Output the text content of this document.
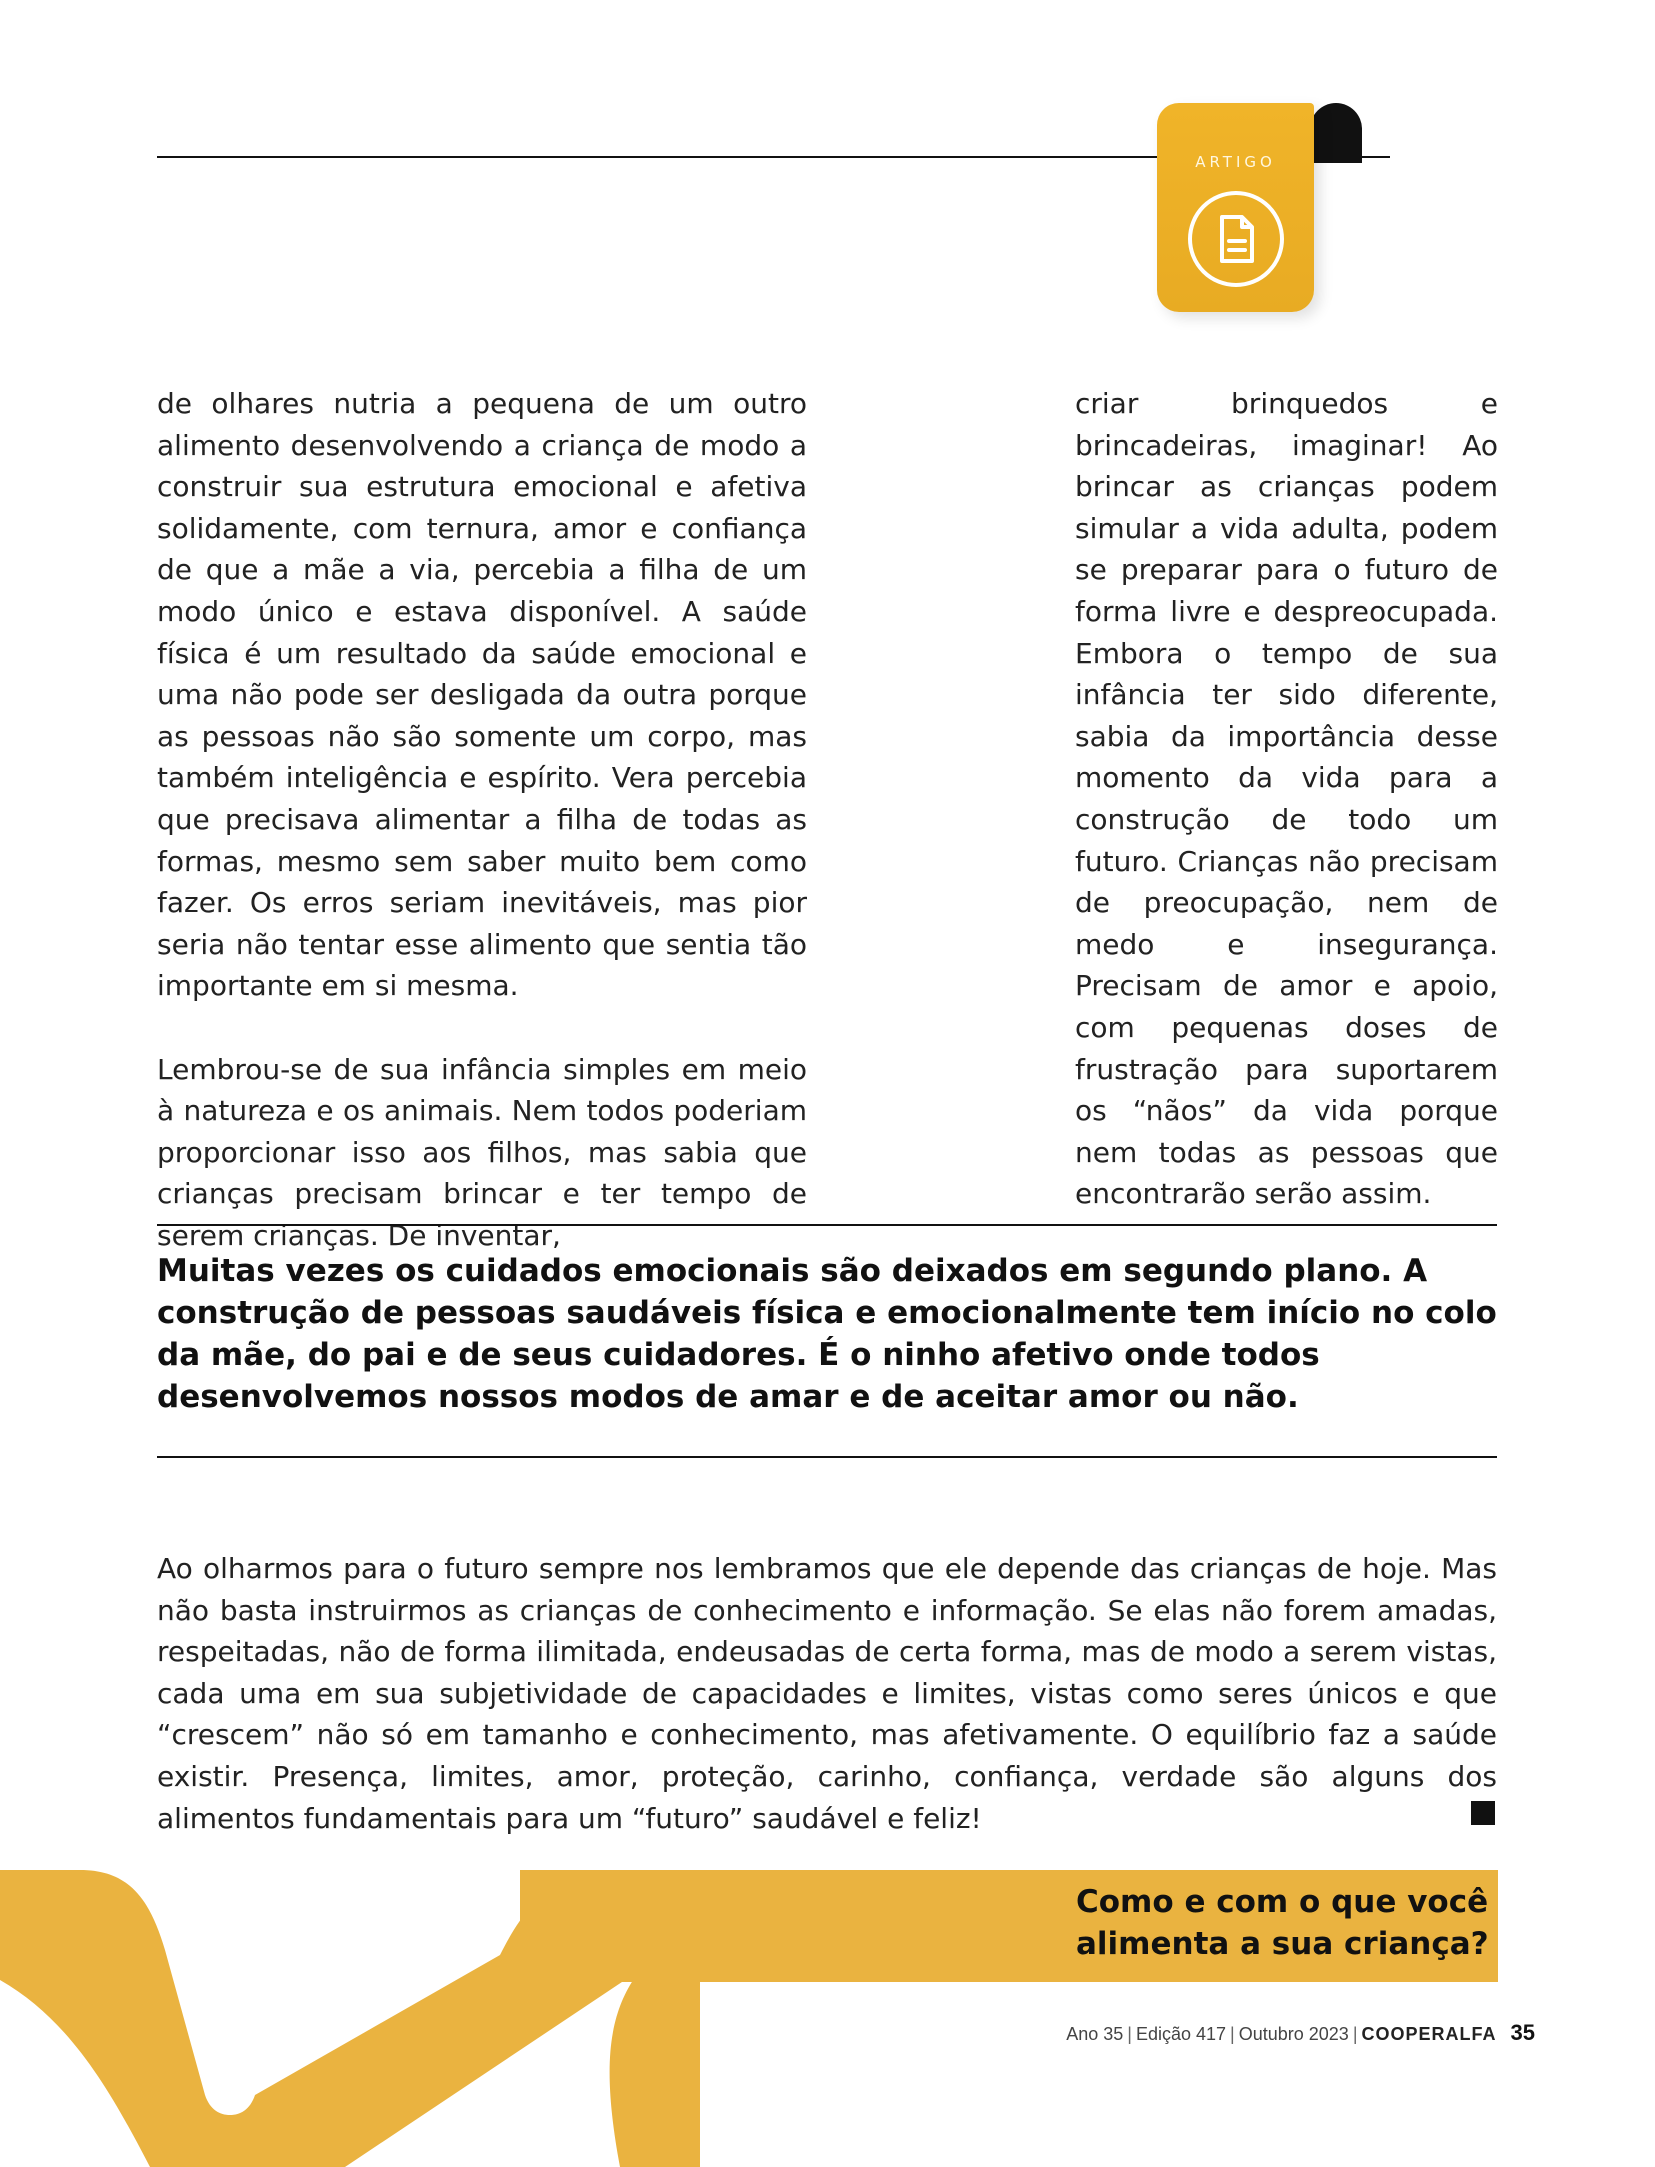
ARTIGO

de olhares nutria a pequena de um outro alimento desenvolvendo a criança de modo a construir sua estrutura emocional e afetiva solidamente, com ternura, amor e confiança de que a mãe a via, percebia a filha de um modo único e estava disponível. A saúde física é um resultado da saúde emocional e uma não pode ser desligada da outra porque as pessoas não são somente um corpo, mas também inteligência e espírito. Vera percebia que precisava alimentar a filha de todas as formas, mesmo sem saber muito bem como fazer. Os erros seriam inevitáveis, mas pior seria não tentar esse alimento que sentia tão importante em si mesma.

Lembrou-se de sua infância simples em meio à natureza e os animais. Nem todos poderiam proporcionar isso aos filhos, mas sabia que crianças precisam brincar e ter tempo de serem crianças. De inventar,

criar brinquedos e brincadeiras, imaginar! Ao brincar as crianças podem simular a vida adulta, podem se preparar para o futuro de forma livre e despreocupada. Embora o tempo de sua infância ter sido diferente, sabia da importância desse momento da vida para a construção de todo um futuro. Crianças não precisam de preocupação, nem de medo e insegurança. Precisam de amor e apoio, com pequenas doses de frustração para suportarem os “nãos” da vida porque nem todas as pessoas que encontrarão serão assim.

Muitas vezes os cuidados emocionais são deixados em segundo plano. A construção de pessoas saudáveis física e emocionalmente tem início no colo da mãe, do pai e de seus cuidadores. É o ninho afetivo onde todos desenvolvemos nossos modos de amar e de aceitar amor ou não.

Ao olharmos para o futuro sempre nos lembramos que ele depende das crianças de hoje. Mas não basta instruirmos as crianças de conhecimento e informação. Se elas não forem amadas, respeitadas, não de forma ilimitada, endeusadas de certa forma, mas de modo a serem vistas, cada uma em sua subjetividade de capacidades e limites, vistas como seres únicos e que “crescem” não só em tamanho e conhecimento, mas afetivamente. O equilíbrio faz a saúde existir. Presença, limites, amor, proteção, carinho, confiança, verdade são alguns dos alimentos fundamentais para um “futuro” saudável e feliz!

Como e com o que você alimenta a sua criança?

Ano 35 | Edição 417 | Outubro 2023 | COOPERALFA 35
